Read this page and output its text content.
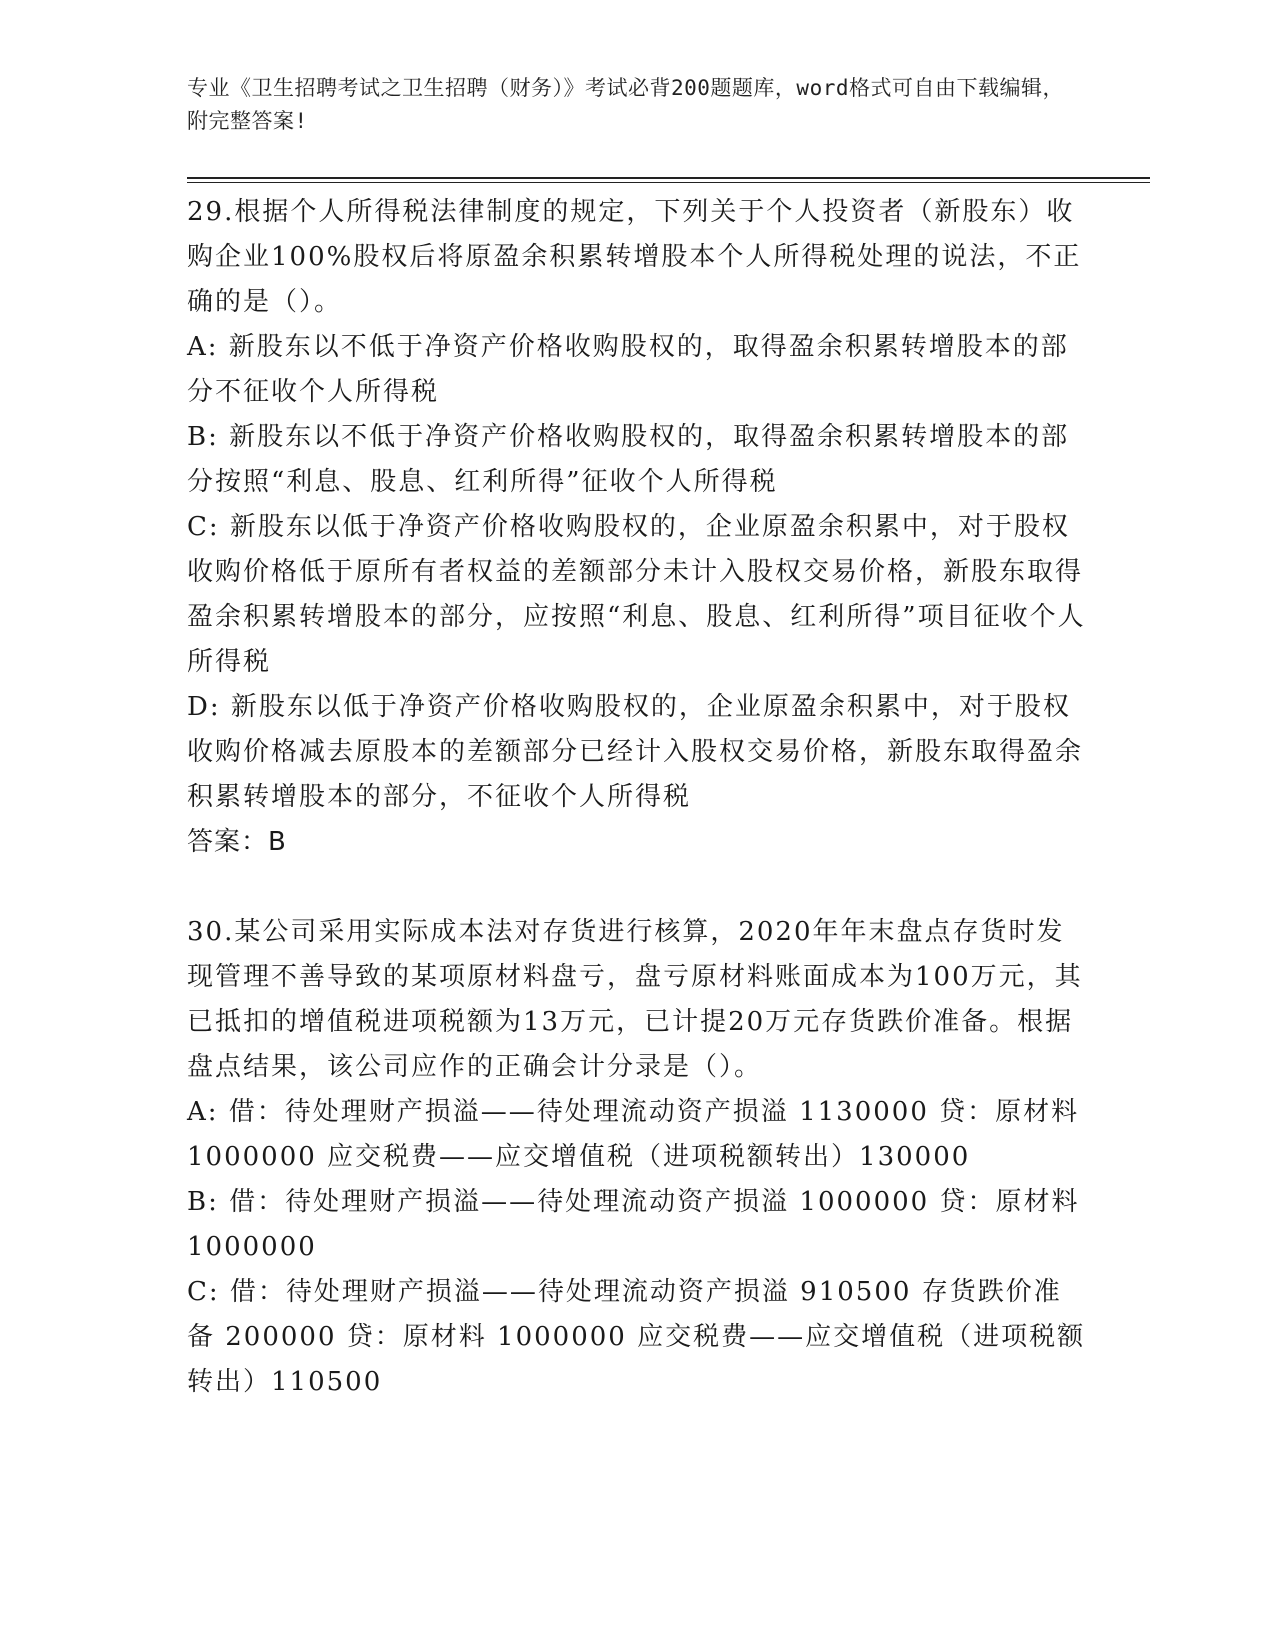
专业《卫生招聘考试之卫生招聘（财务）》考试必背200题题库，word格式可自由下载编辑，附完整答案!

29.根据个人所得税法律制度的规定，下列关于个人投资者（新股东）收购企业100%股权后将原盈余积累转增股本个人所得税处理的说法，不正确的是（）。

A: 新股东以不低于净资产价格收购股权的，取得盈余积累转增股本的部分不征收个人所得税

B: 新股东以不低于净资产价格收购股权的，取得盈余积累转增股本的部分按照“利息、股息、红利所得”征收个人所得税

C: 新股东以低于净资产价格收购股权的，企业原盈余积累中，对于股权收购价格低于原所有者权益的差额部分未计入股权交易价格，新股东取得盈余积累转增股本的部分，应按照“利息、股息、红利所得”项目征收个人所得税

D: 新股东以低于净资产价格收购股权的，企业原盈余积累中，对于股权收购价格减去原股本的差额部分已经计入股权交易价格，新股东取得盈余积累转增股本的部分，不征收个人所得税

答案：B

30.某公司采用实际成本法对存货进行核算，2020年年末盘点存货时发现管理不善导致的某项原材料盘亏，盘亏原材料账面成本为100万元，其已抵扣的增值税进项税额为13万元，已计提20万元存货跌价准备。根据盘点结果，该公司应作的正确会计分录是（）。

A: 借：待处理财产损溢——待处理流动资产损溢 1130000 贷：原材料 1000000 应交税费——应交增值税（进项税额转出）130000

B: 借：待处理财产损溢——待处理流动资产损溢 1000000 贷：原材料 1000000

C: 借：待处理财产损溢——待处理流动资产损溢 910500 存货跌价准备 200000 贷：原材料 1000000 应交税费——应交增值税（进项税额转出）110500
